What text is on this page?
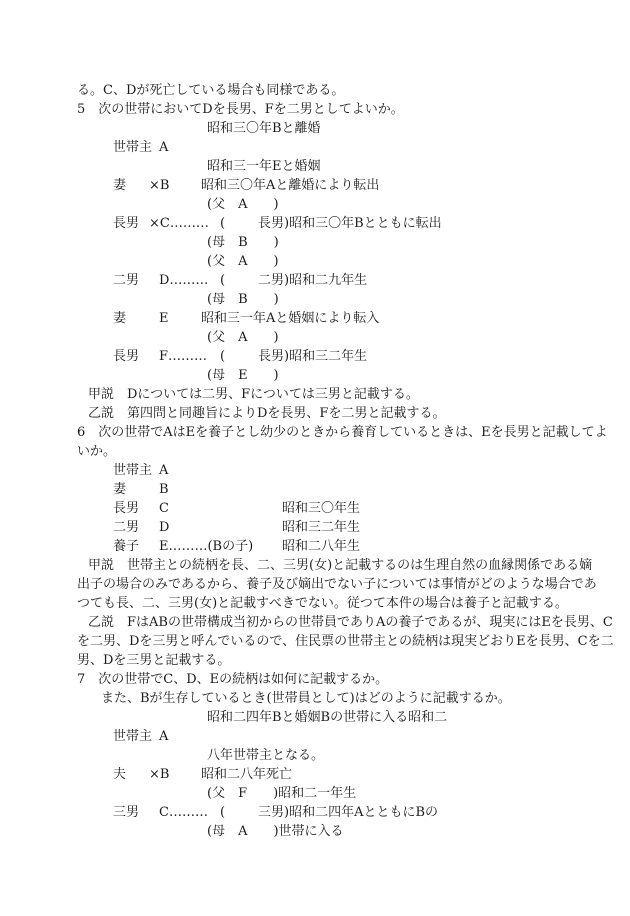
る。C、Dが死亡している場合も同様である。
5　次の世帯においてDを長男、Fを二男としてよいか。
昭和三〇年Bと離婚
世帯主 A
昭和三一年Eと婚姻
妻 ×B 昭和三〇年Aと離婚により転出
(父　A　　)
長男 ×C……… (	長男)昭和三〇年Bとともに転出
(母　B　　)
(父　A　　)
二男 D……… (	二男)昭和二九年生
(母　B　　)
妻	E	昭和三一年Aと婚姻により転入
(父　A　　)
長男 F……… (	長男)昭和三二年生
(母　E　　)
甲説　Dについては二男、Fについては三男と記載する。
乙説　第四問と同趣旨によりDを長男、Fを二男と記載する。
6　次の世帯でAはEを養子とし幼少のときから養育しているときは、Eを長男と記載してよ
いか。
世帯主 A
妻	B
長男 C	昭和三〇年生
二男 D	昭和三二年生
養子 E………(Bの子) 昭和二八年生
甲説　世帯主との続柄を長、二、三男(女)と記載するのは生理自然の血縁関係である嫡
出子の場合のみであるから、養子及び嫡出でない子については事情がどのような場合であ
つても長、二、三男(女)と記載すべきでない。従つて本件の場合は養子と記載する。
乙説　FはABの世帯構成当初からの世帯員でありAの養子であるが、現実にはEを長男、C
を二男、Dを三男と呼んでいるので、住民票の世帯主との続柄は現実どおりEを長男、Cを二
男、Dを三男と記載する。
7　次の世帯でC、D、Eの続柄は如何に記載するか。
また、Bが生存しているとき(世帯員として)はどのように記載するか。
昭和二四年Bと婚姻Bの世帯に入る昭和二
世帯主 A
八年世帯主となる。
夫 ×B 昭和二八年死亡
(父　F　　)昭和二一年生
三男 C……… (	三男)昭和二四年AとともにBの
(母　A　　)世帯に入る
